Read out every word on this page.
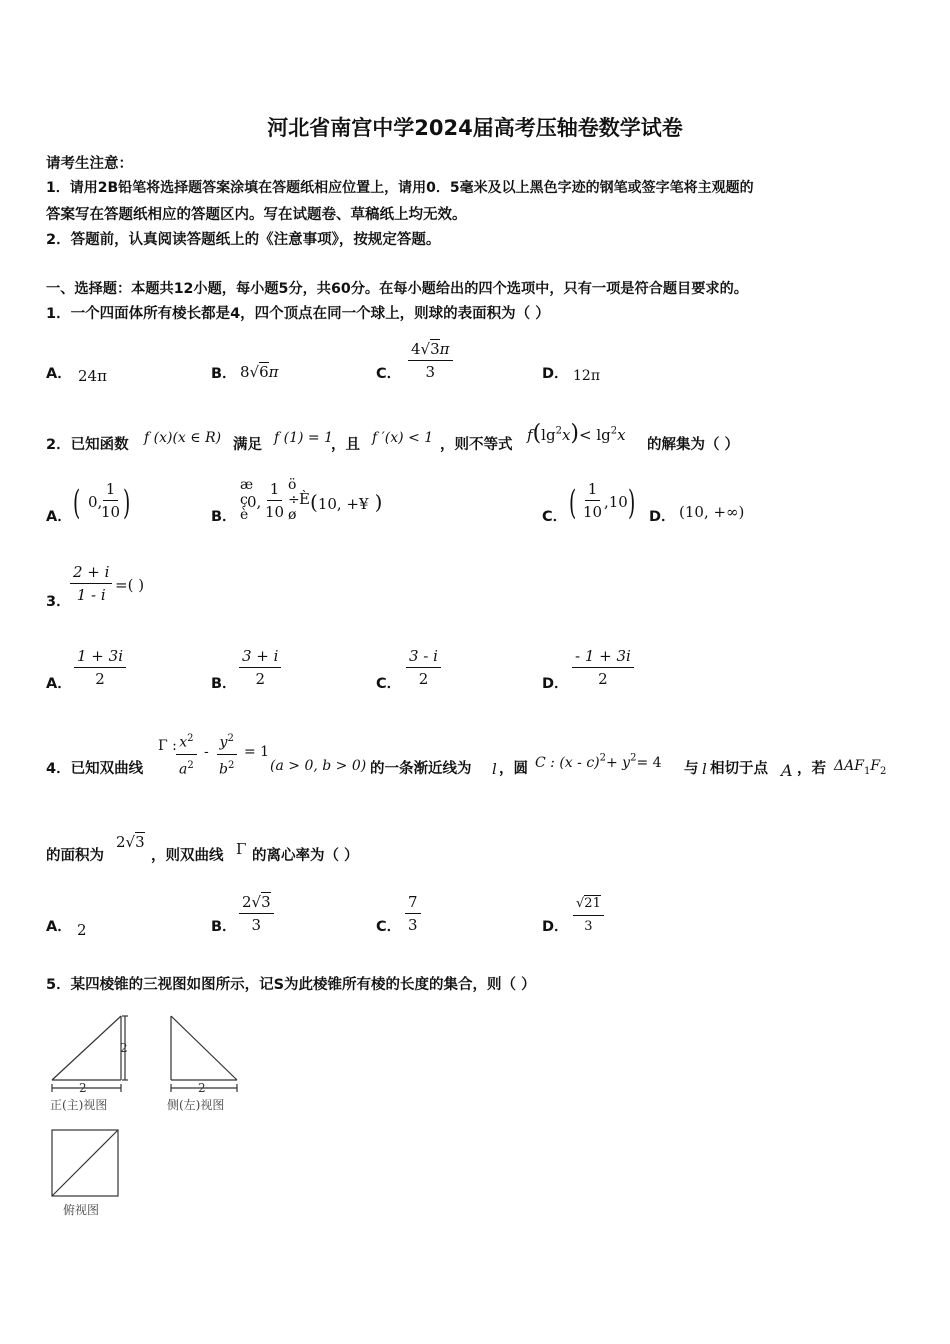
河北省南宫中学2024届高考压轴卷数学试卷
请考生注意：
1．请用2B铅笔将选择题答案涂填在答题纸相应位置上，请用0．5毫米及以上黑色字迹的钢笔或签字笔将主观题的
答案写在答题纸相应的答题区内。写在试题卷、草稿纸上均无效。
2．答题前，认真阅读答题纸上的《注意事项》，按规定答题。
一、选择题：本题共12小题，每小题5分，共60分。在每小题给出的四个选项中，只有一项是符合题目要求的。
1．一个四面体所有棱长都是4，四个顶点在同一个球上，则球的表面积为（ ）
A． 24π	B． 8√6π	C． $\frac{4√3\pi}{3}$	D． 12π
2．已知函数 f (x)(x ∈ R) 满足 f (1) = 1
，且 f ′(x) < 1 ，则不等式
$f(\lg^2x)< \lg^2x$
的解集为（ ）
A． ( 0,
$\frac{1}{10}$ )	B．
æ
ç
è
0, $\frac{1}{10}$ ö
÷
ø
È (10, +¥ )
C． ( $\frac{1}{10}$
,10 ) D． (10, +∞)
3． $\frac{2 + i}{1 - i}$ =( )
A． $\frac{1 + 3i}{2}$	B． $\frac{3 + i}{2}$	C． $\frac{3 - i}{2}$	D． $\frac{- 1 + 3i}{2}$
4．已知双曲线
Γ : $\frac{x^2}{a^2} - \frac{y^2}{b^2} = 1$
(a > 0, b > 0) 的一条渐近线为 l ，圆 C : $(x - c)^2+ y^2= 4$ 与 l 相切于点 A ，若 $\Delta AF_1F_2$
的面积为
2√3
，则双曲线 Γ 的离心率为（ ）
A． 2	B． $\frac{2√3}{3}$	C． $\frac{7}{3}$	D． $\frac{√21}{3}$
5．某四棱锥的三视图如图所示，记S为此棱锥所有棱的长度的集合，则（ ）
2
2
正(主)视图
2
侧(左)视图
俯视图
